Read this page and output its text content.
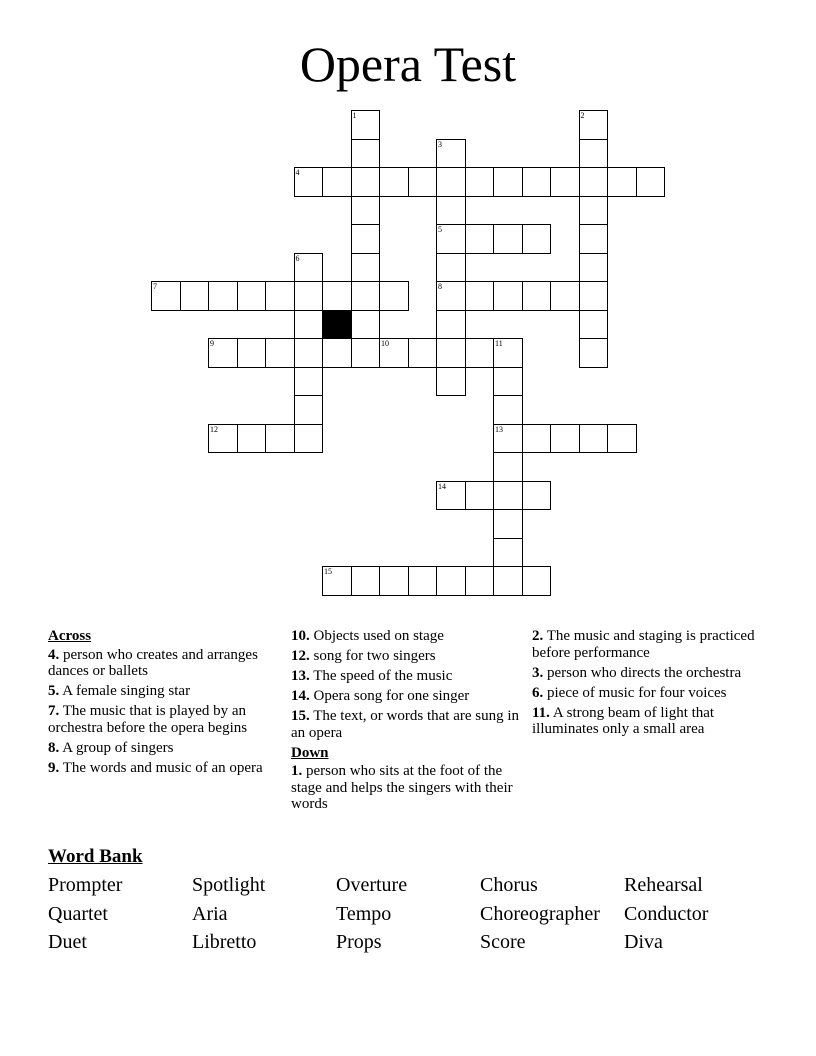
Opera Test
1	2
3
4
5
6
7	8
9	10	11
12	13
14
15
Across
4. person who creates and arranges dances or ballets
5. A female singing star
7. The music that is played by an orchestra before the opera begins
8. A group of singers
9. The words and music of an opera
10. Objects used on stage
12. song for two singers
13. The speed of the music
14. Opera song for one singer
15. The text, or words that are sung in an opera
Down
1. person who sits at the foot of the stage and helps the singers with their words
2. The music and staging is practiced before performance
3. person who directs the orchestra
6. piece of music for four voices
11. A strong beam of light that illuminates only a small area
Word Bank
Prompter	Spotlight	Overture	Chorus	Rehearsal
Quartet	Aria	Tempo	Choreographer Conductor
Duet	Libretto	Props	Score	Diva
